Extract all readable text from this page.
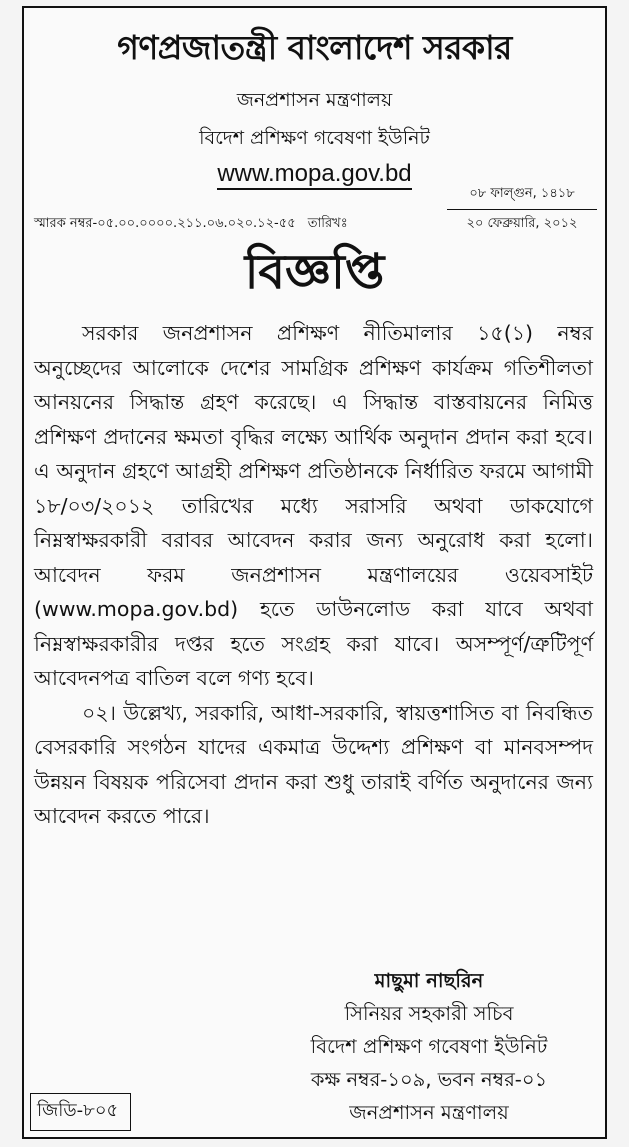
গণপ্রজাতন্ত্রী বাংলাদেশ সরকার
জনপ্রশাসন মন্ত্রণালয়
বিদেশ প্রশিক্ষণ গবেষণা ইউনিট
www.mopa.gov.bd
স্মারক নম্বর-০৫.০০.০০০০.২১১.০৬.০২০.১২-৫৫ তারিখঃ
০৮ ফাল্গুন, ১৪১৮
২০ ফেব্রুয়ারি, ২০১২
বিজ্ঞপ্তি

সরকার জনপ্রশাসন প্রশিক্ষণ নীতিমালার ১৫(১) নম্বর অনুচ্ছেদের আলোকে দেশের সামগ্রিক প্রশিক্ষণ কার্যক্রম গতিশীলতা আনয়নের সিদ্ধান্ত গ্রহণ করেছে। এ সিদ্ধান্ত বাস্তবায়নের নিমিত্ত প্রশিক্ষণ প্রদানের ক্ষমতা বৃদ্ধির লক্ষ্যে আর্থিক অনুদান প্রদান করা হবে। এ অনুদান গ্রহণে আগ্রহী প্রশিক্ষণ প্রতিষ্ঠানকে নির্ধারিত ফরমে আগামী ১৮/০৩/২০১২ তারিখের মধ্যে সরাসরি অথবা ডাকযোগে নিম্নস্বাক্ষরকারী বরাবর আবেদন করার জন্য অনুরোধ করা হলো। আবেদন ফরম জনপ্রশাসন মন্ত্রণালয়ের ওয়েবসাইট (www.mopa.gov.bd) হতে ডাউনলোড করা যাবে অথবা নিম্নস্বাক্ষরকারীর দপ্তর হতে সংগ্রহ করা যাবে। অসম্পূর্ণ/ত্রুটিপূর্ণ আবেদনপত্র বাতিল বলে গণ্য হবে।

০২। উল্লেখ্য, সরকারি, আধা-সরকারি, স্বায়ত্তশাসিত বা নিবন্ধিত বেসরকারি সংগঠন যাদের একমাত্র উদ্দেশ্য প্রশিক্ষণ বা মানবসম্পদ উন্নয়ন বিষয়ক পরিসেবা প্রদান করা শুধু তারাই বর্ণিত অনুদানের জন্য আবেদন করতে পারে।

মাছুমা নাছরিন
সিনিয়র সহকারী সচিব
বিদেশ প্রশিক্ষণ গবেষণা ইউনিট
কক্ষ নম্বর-১০৯, ভবন নম্বর-০১
জনপ্রশাসন মন্ত্রণালয়
জিডি-৮০৫
